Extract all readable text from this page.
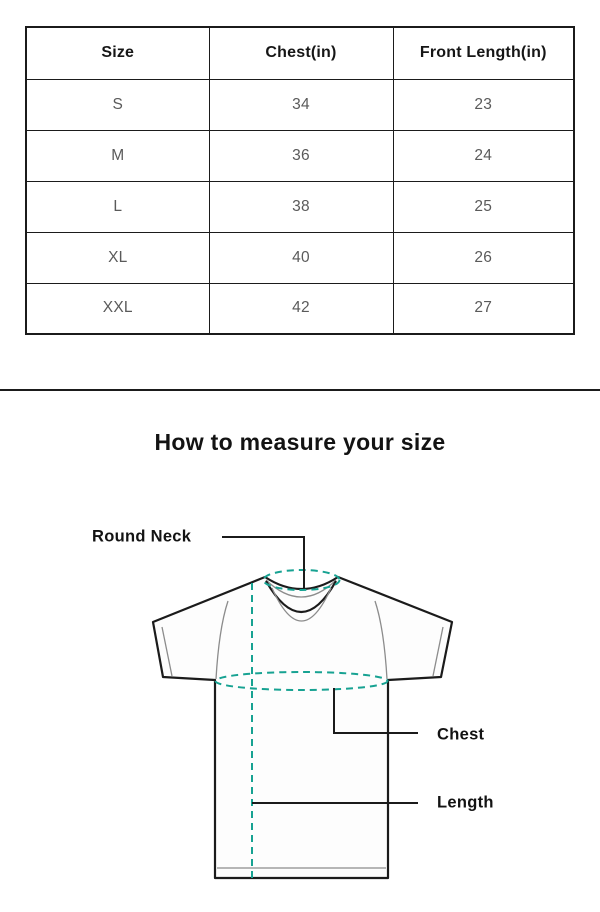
Size	Chest(in)	Front Length(in)
S	34	23
M	36	24
L	38	25
XL	40	26
XXL	42	27
How to measure your size
Round Neck
Chest
Length
